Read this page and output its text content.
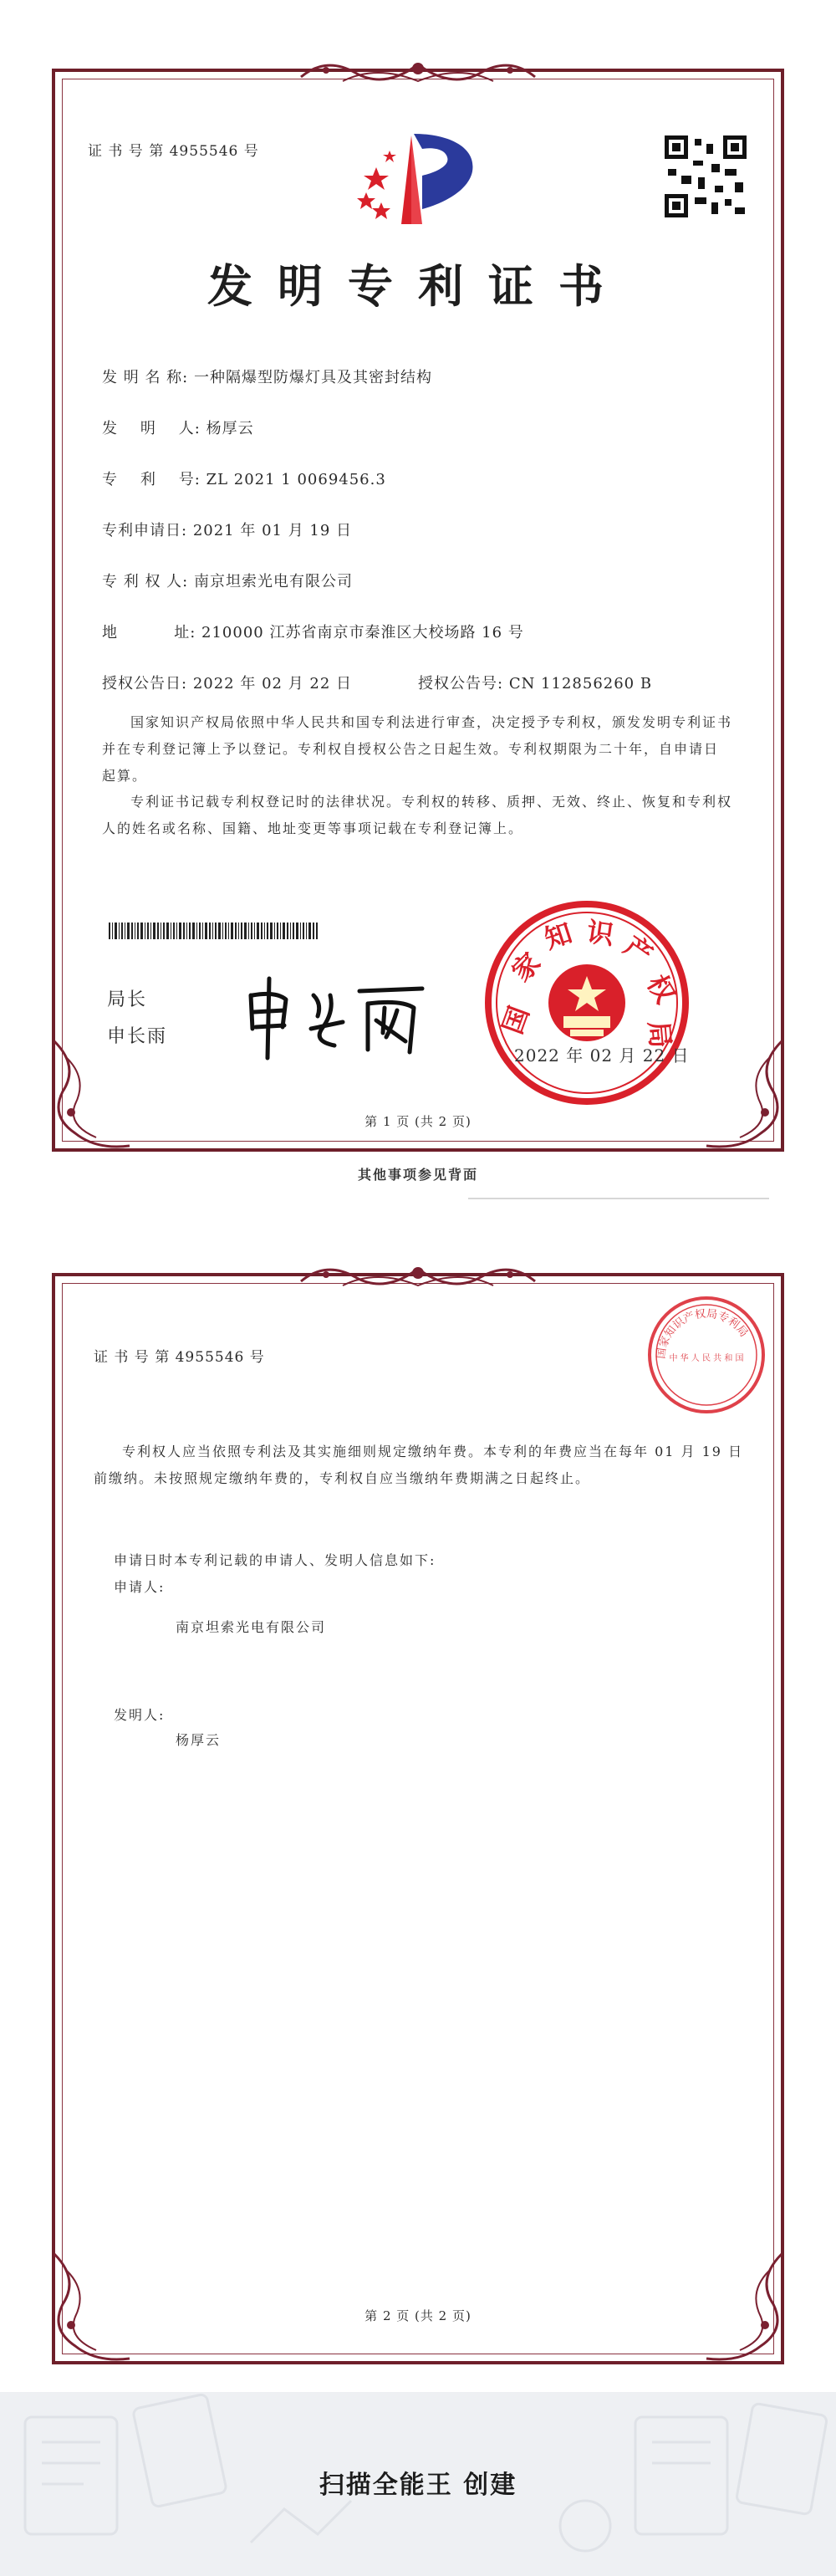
证 书 号 第 4955546 号

发明专利证书
发 明 名 称: 一种隔爆型防爆灯具及其密封结构
发    明    人: 杨厚云
专    利    号: ZL 2021 1 0069456.3
专利申请日: 2021 年 01 月 19 日
专 利 权 人: 南京坦索光电有限公司
地          址: 210000 江苏省南京市秦淮区大校场路 16 号
授权公告日: 2022 年 02 月 22 日	授权公告号: CN 112856260 B

国家知识产权局依照中华人民共和国专利法进行审查，决定授予专利权，颁发发明专利证书并在专利登记簿上予以登记。专利权自授权公告之日起生效。专利权期限为二十年，自申请日起算。

专利证书记载专利权登记时的法律状况。专利权的转移、质押、无效、终止、恢复和专利权人的姓名或名称、国籍、地址变更等事项记载在专利登记簿上。

局长

申长雨	国
家
知 识 产
权
局

2022 年 02 月 22 日

第 1 页 (共 2 页)

其他事项参见背面

证 书 号 第 4955546 号	国家知识产权局专利局
中 华 人 民 共 和 国

专利权人应当依照专利法及其实施细则规定缴纳年费。本专利的年费应当在每年 01 月 19 日前缴纳。未按照规定缴纳年费的，专利权自应当缴纳年费期满之日起终止。

申请日时本专利记载的申请人、发明人信息如下:

申请人:

南京坦索光电有限公司

发明人:

杨厚云

第 2 页 (共 2 页)

扫描全能王 创建
